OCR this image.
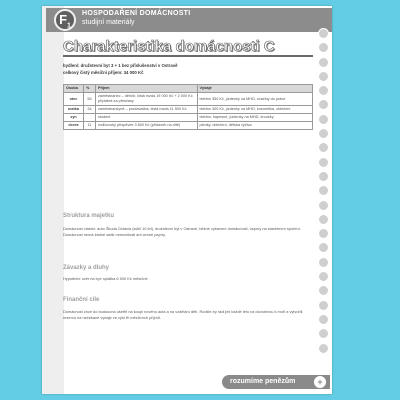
$F_1$
HOSPODAŘENÍ DOMÁCNOSTI
studijní materiály
Charakteristika domácnosti C
bydlení: družstevní byt 3 + 1 bez příslušenství v Ostravě
celkový čistý měsíční příjem: 34 000 Kč
Osoba	%	Příjem	Výdaje
otec	55	zaměstnanec – dělník; čistá mzda 19 000 Kč + 2 000 Kč příplatek za přesčasy	telefon 350 Kč, jízdenky na MHD, svačiny do práce
matka	34	zaměstnankyně – prodavačka; čistá mzda 11 500 Kč	telefon 300 Kč, jízdenky na MHD, kosmetika, oblečení
syn		student	telefon, kapesné, jízdenky na MHD, kroužky
dcera	11	rodičovský příspěvek 3 800 Kč (přídavek na dítě)	plenky, oblečení, dětská výživa
Struktura majetku
Domácnost vlastní: auto Škoda Octavia (stáří 10 let), družstevní byt v Ostravě, běžné vybavení domácnosti, úspory na stavebním spoření. Domácnost nemá žádné další nemovitosti ani cenné papíry.
Závazky a dluhy
Hypoteční úvěr na byt: splátka 6 500 Kč měsíčně.
Finanční cíle
Domácnost chce do budoucna ušetřit na koupi nového auta a na vzdělání dětí. Rodiče by rádi jeli každé léto na dovolenou k moři a vytvořili rezervu na nečekané výdaje ve výši tří měsíčních příjmů.
rozumíme penězům	+
